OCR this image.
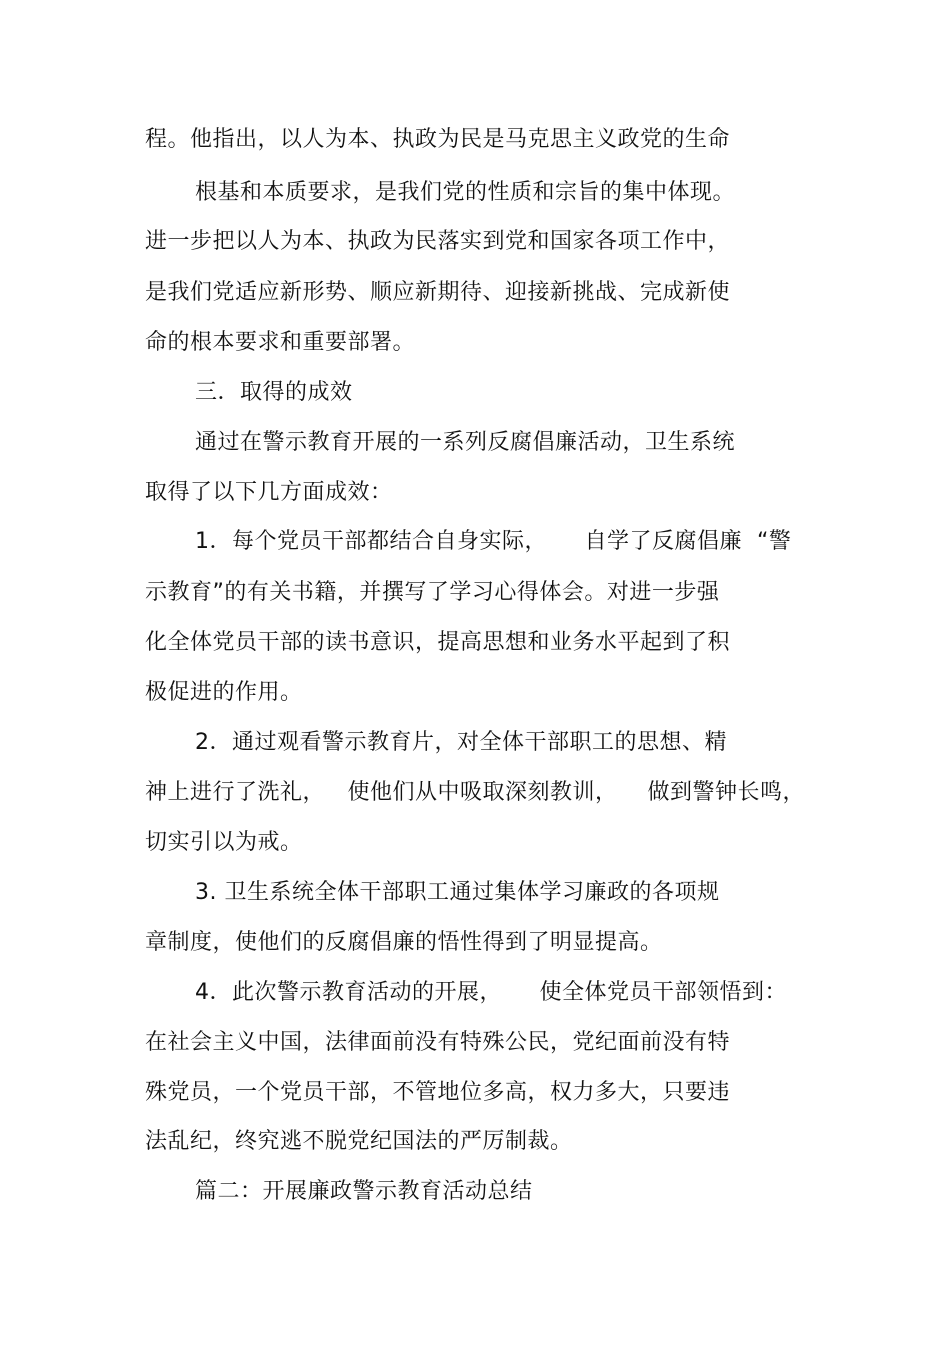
程。他指出，以人为本、执政为民是马克思主义政党的生命
根基和本质要求，是我们党的性质和宗旨的集中体现。
进一步把以人为本、执政为民落实到党和国家各项工作中，
是我们党适应新形势、顺应新期待、迎接新挑战、完成新使
命的根本要求和重要部署。
三．取得的成效
通过在警示教育开展的一系列反腐倡廉活动，卫生系统
取得了以下几方面成效：
1．每个党员干部都结合自身实际，     自学了反腐倡廉  “警
示教育”的有关书籍，并撰写了学习心得体会。对进一步强
化全体党员干部的读书意识，提高思想和业务水平起到了积
极促进的作用。
2．通过观看警示教育片，对全体干部职工的思想、精
神上进行了洗礼，   使他们从中吸取深刻教训，    做到警钟长鸣，
切实引以为戒。
3. 卫生系统全体干部职工通过集体学习廉政的各项规
章制度，使他们的反腐倡廉的悟性得到了明显提高。
4．此次警示教育活动的开展，     使全体党员干部领悟到：
在社会主义中国，法律面前没有特殊公民，党纪面前没有特
殊党员，一个党员干部，不管地位多高，权力多大，只要违
法乱纪，终究逃不脱党纪国法的严厉制裁。
篇二：开展廉政警示教育活动总结
